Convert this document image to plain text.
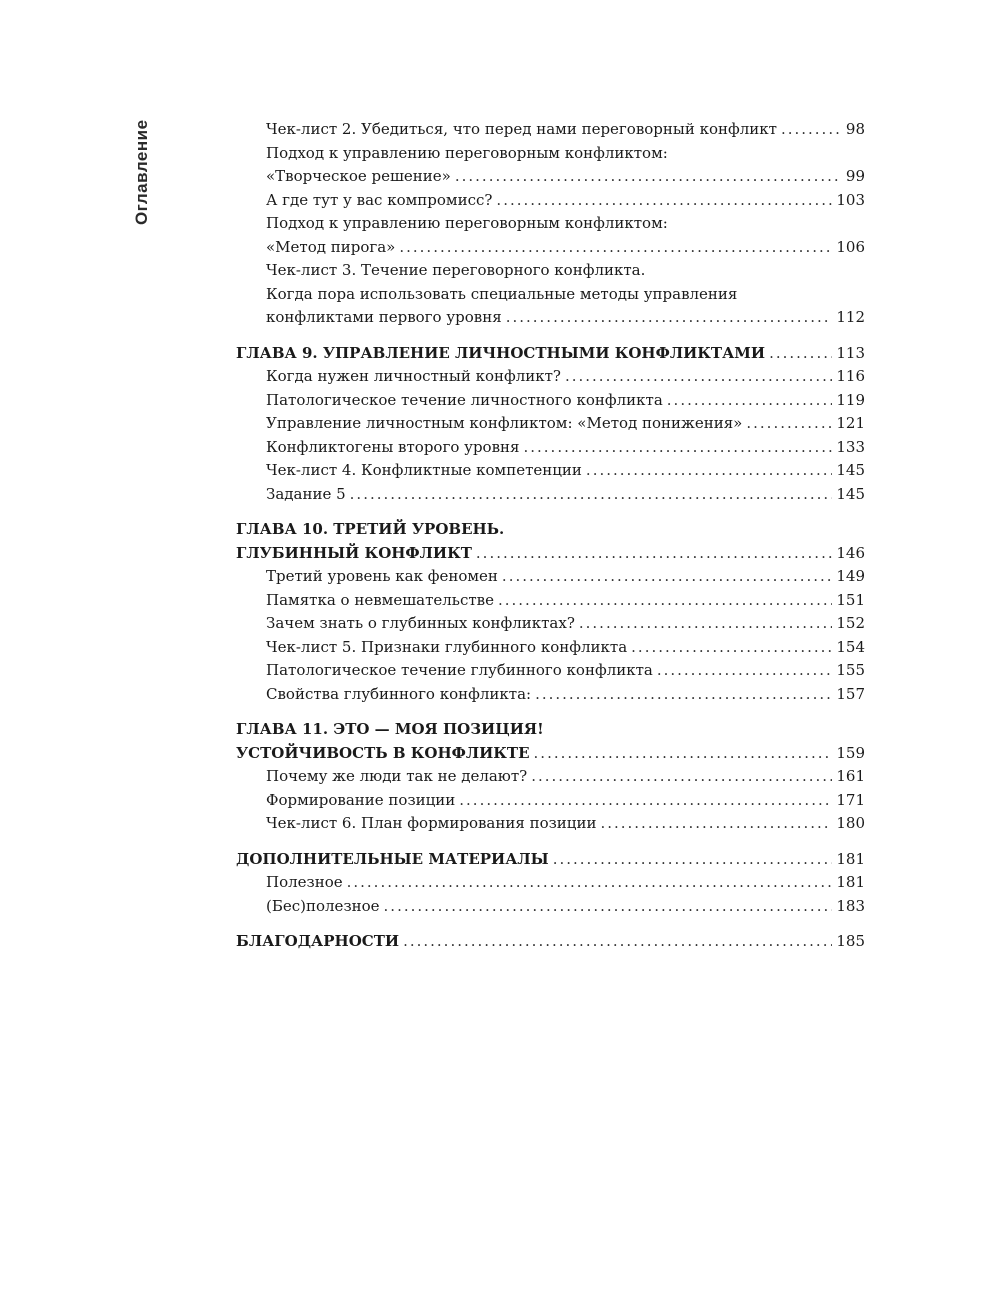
Оглавление	Чек-лист 2. Убедиться, что перед нами переговорный конфликт .....	98
Подход к управлению переговорным конфликтом:
«Творческое решение» .....	99
А где тут у вас компромисс? .....	103
Подход к управлению переговорным конфликтом:
«Метод пирога» .....	106
Чек-лист 3. Течение переговорного конфликта.
Когда пора использовать специальные методы управления
конфликтами первого уровня .....	112
ГЛАВА 9. УПРАВЛЕНИЕ ЛИЧНОСТНЫМИ КОНФЛИКТАМИ .....	113
Когда нужен личностный конфликт? .....	116
Патологическое течение личностного конфликта .....	119
Управление личностным конфликтом: «Метод понижения» .....	121
Конфликтогены второго уровня .....	133
Чек-лист 4. Конфликтные компетенции .....	145
Задание 5 .....	145
ГЛАВА 10. ТРЕТИЙ УРОВЕНЬ.
ГЛУБИННЫЙ КОНФЛИКТ .....	146
Третий уровень как феномен .....	149
Памятка о невмешательстве .....	151
Зачем знать о глубинных конфликтах? .....	152
Чек-лист 5. Признаки глубинного конфликта .....	154
Патологическое течение глубинного конфликта .....	155
Свойства глубинного конфликта: .....	157
ГЛАВА 11. ЭТО — МОЯ ПОЗИЦИЯ!
УСТОЙЧИВОСТЬ В КОНФЛИКТЕ .....	159
Почему же люди так не делают? .....	161
Формирование позиции .....	171
Чек-лист 6. План формирования позиции .....	180
ДОПОЛНИТЕЛЬНЫЕ МАТЕРИАЛЫ .....	181
Полезное .....	181
(Бес)полезное .....	183
БЛАГОДАРНОСТИ .....	185
